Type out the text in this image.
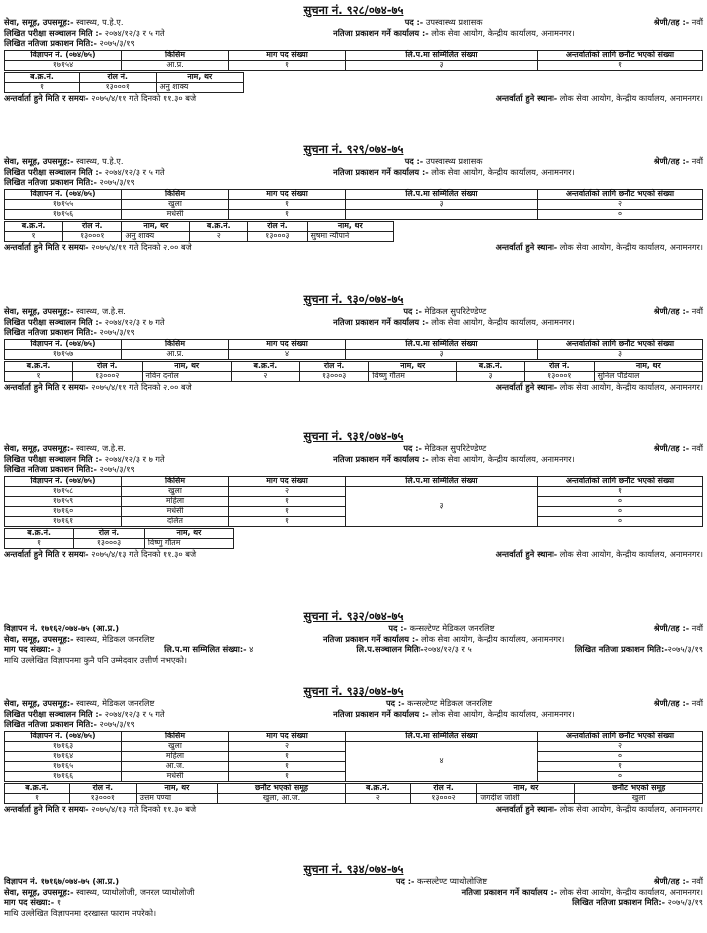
सुचना नं. ९२८/०७४-७५
सेवा, समूह, उपसमूह:- स्वास्थ्य, प.हे.ए.	पद :- उपस्वास्थ्य प्रशासक	श्रेणी/तह :- नवौं
लिखित परीक्षा सञ्चालन मिति :- २०७४/१२/३ र ५ गते	नतिजा प्रकाशन गर्ने कार्यालय :- लोक सेवा आयोग, केन्द्रीय कार्यालय, अनामनगर।
लिखित नतिजा प्रकाशन मिति:- २०७५/३/१९
विज्ञापन नं. (०७४/७५)	किसिम	माग पद संख्या	लि.प.मा सम्मिलित संख्या	अन्तर्वार्ताको लागि छनौट भएको संख्या
१७१५४	आ.प्र.	१	३	१
ब.क्र.नं.	रोल नं.	नाम, थर
१	१३०००१	अनु शाक्य
अन्तर्वार्ता हुने मिति र समयः- २०७५/४/११ गते दिनको ११.३० बजे	अन्तर्वार्ता हुने स्थानः- लोक सेवा आयोग, केन्द्रीय कार्यालय, अनामनगर।
सुचना नं. ९२९/०७४-७५
सेवा, समूह, उपसमूह:- स्वास्थ्य, प.हे.ए.	पद :- उपस्वास्थ्य प्रशासक	श्रेणी/तह :- नवौं
लिखित परीक्षा सञ्चालन मिति :- २०७४/१२/३ र ५ गते	नतिजा प्रकाशन गर्ने कार्यालय :- लोक सेवा आयोग, केन्द्रीय कार्यालय, अनामनगर।
लिखित नतिजा प्रकाशन मिति:- २०७५/३/१९
विज्ञापन नं. (०७४/७५)	किसिम	माग पद संख्या	लि.प.मा सम्मिलित संख्या	अन्तर्वार्ताको लागि छनौट भएको संख्या
१७१५५	खुला	१	३	२
१७१५६	मधेसी	१		०
ब.क्र.नं.	रोल नं.	नाम, थर	ब.क्र.नं.	रोल नं.	नाम, थर
१	१३०००१	अनु शाक्य	२	१३०००३	सुषमा न्यौपाने
अन्तर्वार्ता हुने मिति र समयः- २०७५/४/११ गते दिनको २.०० बजे	अन्तर्वार्ता हुने स्थानः- लोक सेवा आयोग, केन्द्रीय कार्यालय, अनामनगर।
सुचना नं. ९३०/०७४-७५
सेवा, समूह, उपसमूह:- स्वास्थ्य, ज.हे.स.	पद :- मेडिकल सुपरिटेण्डेण्ट	श्रेणी/तह :- नवौं
लिखित परीक्षा सञ्चालन मिति :- २०७४/१२/३ र ७ गते	नतिजा प्रकाशन गर्ने कार्यालय :- लोक सेवा आयोग, केन्द्रीय कार्यालय, अनामनगर।
लिखित नतिजा प्रकाशन मिति:- २०७५/३/१९
विज्ञापन नं. (०७४/७५)	किसिम	माग पद संख्या	लि.प.मा सम्मिलित संख्या	अन्तर्वार्ताको लागि छनौट भएको संख्या
१७१५७	आ.प्र.	४	३	३
ब.क्र.नं.	रोल नं.	नाम, थर	ब.क्र.नं.	रोल नं.	नाम, थर	ब.क्र.नं.	रोल नं.	नाम, थर
१	१३०००२	नविन दर्नाल	२	१३०००३	विष्णु गौतम	३	१३०००१	सुनिल पौडेयाल
अन्तर्वार्ता हुने मिति र समयः- २०७५/४/११ गते दिनको २.०० बजे	अन्तर्वार्ता हुने स्थानः- लोक सेवा आयोग, केन्द्रीय कार्यालय, अनामनगर।
सुचना नं. ९३१/०७४-७५
सेवा, समूह, उपसमूह:- स्वास्थ्य, ज.हे.स.	पद :- मेडिकल सुपरिटेण्डेण्ट	श्रेणी/तह :- नवौं
लिखित परीक्षा सञ्चालन मिति :- २०७४/१२/३ र ७ गते	नतिजा प्रकाशन गर्ने कार्यालय :- लोक सेवा आयोग, केन्द्रीय कार्यालय, अनामनगर।
लिखित नतिजा प्रकाशन मिति:- २०७५/३/१९
विज्ञापन नं. (०७४/७५)	किसिम	माग पद संख्या	लि.प.मा सम्मिलित संख्या	अन्तर्वार्ताको लागि छनौट भएको संख्या
१७१५८	खुला	२	३	१
१७१५९	महिला	१		०
१७१६०	मधेसी	१		०
१७१६१	दलित	१		०
ब.क्र.नं.	रोल नं.	नाम, थर
१	१३०००३	विष्णु गौतम
अन्तर्वार्ता हुने मिति र समयः- २०७५/४/१३ गते दिनको ११.३० बजे	अन्तर्वार्ता हुने स्थानः- लोक सेवा आयोग, केन्द्रीय कार्यालय, अनामनगर।
सुचना नं. ९३२/०७४-७५
विज्ञापन नं. १७१६२/०७४-७५ (आ.प्र.)	पद :- कन्सल्टेण्ट मेडिकल जनरलिष्ट	श्रेणी/तह :- नवौं
सेवा, समूह, उपसमूह:- स्वास्थ्य, मेडिकल जनरलिष्ट	नतिजा प्रकाशन गर्ने कार्यालय :- लोक सेवा आयोग, केन्द्रीय कार्यालय, अनामनगर।
माग पद संख्या:- ३	लि.प.मा सम्मिलित संख्या:- ४	लि.प.सञ्चालन मितिः-२०७४/१२/३ र ५	लिखित नतिजा प्रकाशन मिति:-२०७५/३/१९
माथि उल्लेखित विज्ञापनमा कुनै पनि उम्मेदवार उत्तीर्ण नभएको।
सुचना नं. ९३३/०७४-७५
सेवा, समूह, उपसमूह:- स्वास्थ्य, मेडिकल जनरलिष्ट	पद :- कन्सल्टेण्ट मेडिकल जनरलिष्ट	श्रेणी/तह :- नवौं
लिखित परीक्षा सञ्चालन मिति :- २०७४/१२/३ र ५ गते	नतिजा प्रकाशन गर्ने कार्यालय :- लोक सेवा आयोग, केन्द्रीय कार्यालय, अनामनगर।
लिखित नतिजा प्रकाशन मिति:- २०७५/३/१९
विज्ञापन नं. (०७४/७५)	किसिम	माग पद संख्या	लि.प.मा सम्मिलित संख्या	अन्तर्वार्ताको लागि छनौट भएको संख्या
१७१६३	खुला	२	४	२
१७१६४	महिला	१		०
१७१६५	आ.ज.	१		१
१७१६६	मधेसी	१		०
ब.क्र.नं.	रोल नं.	नाम, थर	छनौट भएको समूह	ब.क्र.नं.	रोल नं.	नाम, थर	छनौट भएको समूह
१	१३०००१	उत्तम पण्या	खुला, आ.ज.	२	१३०००२	जगदीश जोशी	खुला
अन्तर्वार्ता हुने मिति र समयः- २०७५/४/१३ गते दिनको ११.३० बजे	अन्तर्वार्ता हुने स्थानः- लोक सेवा आयोग, केन्द्रीय कार्यालय, अनामनगर।
सुचना नं. ९३४/०७४-७५
विज्ञापन नं. १७१६७/०७४-७५ (आ.प्र.)	पद :- कन्सल्टेण्ट प्याथोलोजिष्ट	श्रेणी/तह :- नवौं
सेवा, समूह, उपसमूह:- स्वास्थ्य, प्याथोलोजी, जनरल प्याथोलोजी	नतिजा प्रकाशन गर्ने कार्यालय :- लोक सेवा आयोग, केन्द्रीय कार्यालय, अनामनगर।
माग पद संख्या:- १	लिखित नतिजा प्रकाशन मिति:- २०७५/३/१९
माथि उल्लेखित विज्ञापनमा दरखास्त फाराम नपरेको।
